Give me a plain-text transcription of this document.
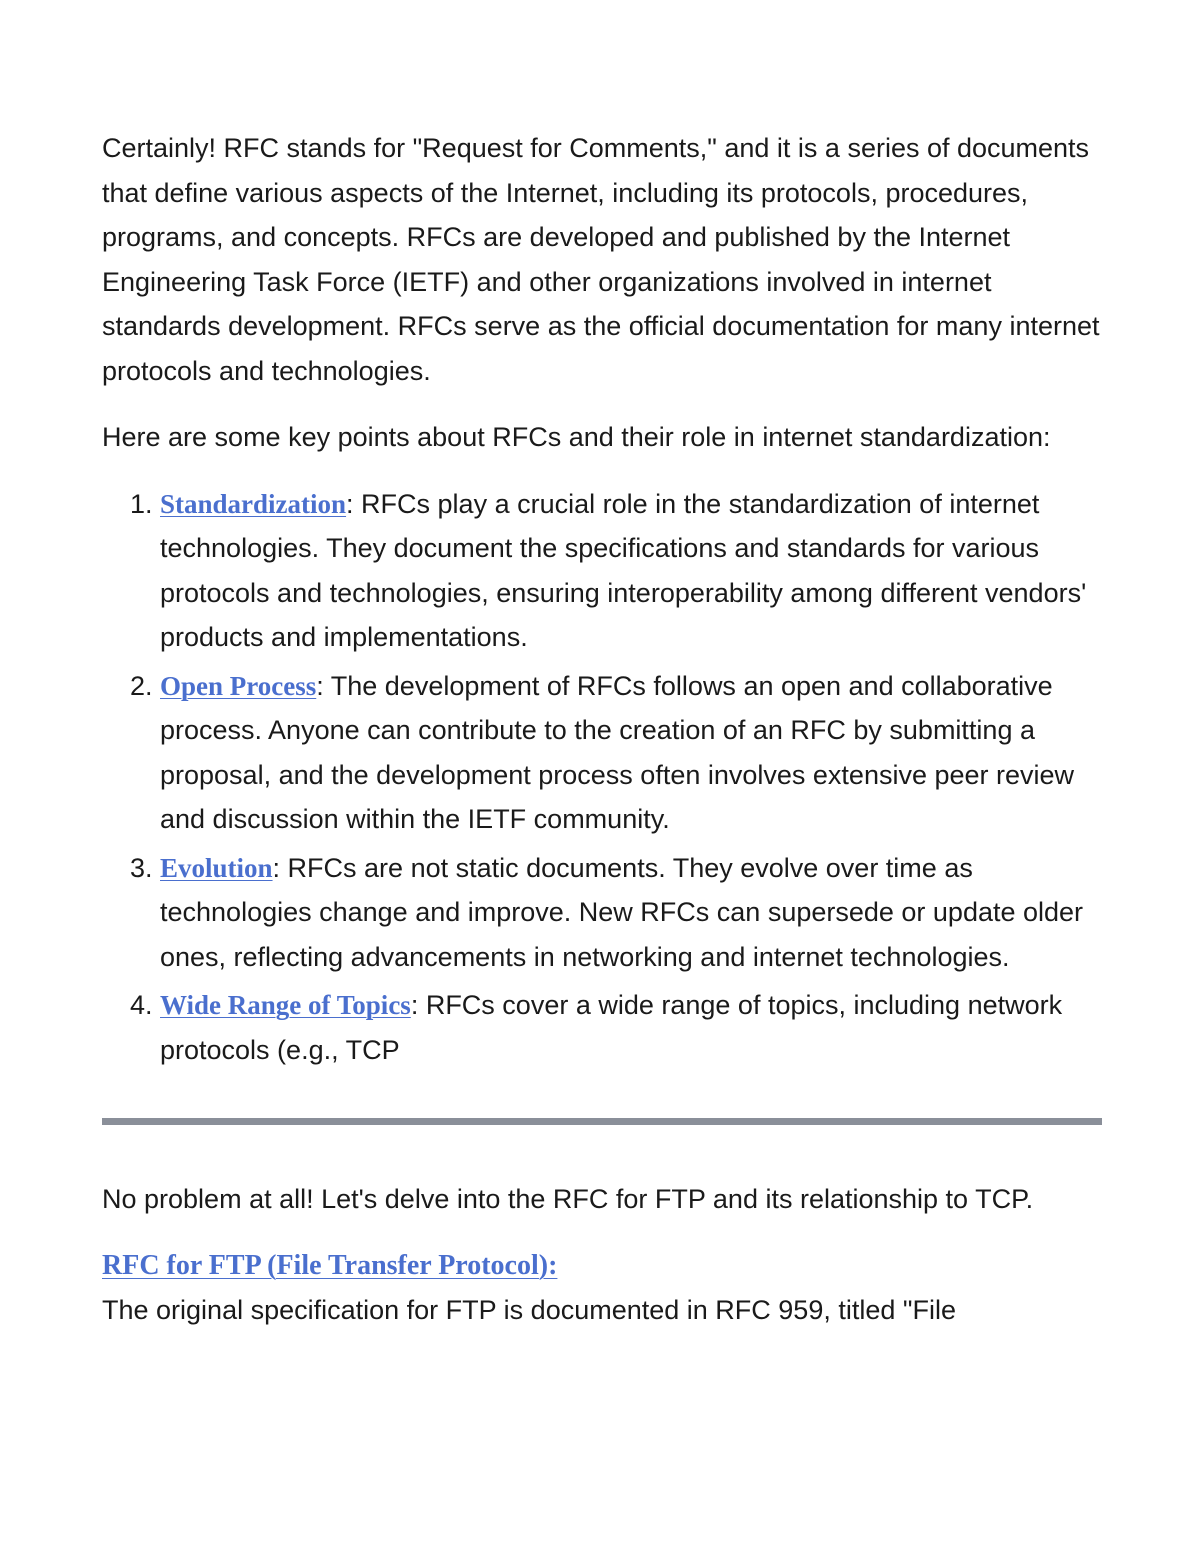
Certainly! RFC stands for "Request for Comments," and it is a series of documents that define various aspects of the Internet, including its protocols, procedures, programs, and concepts. RFCs are developed and published by the Internet Engineering Task Force (IETF) and other organizations involved in internet standards development. RFCs serve as the official documentation for many internet protocols and technologies.

Here are some key points about RFCs and their role in internet standardization:

1. Standardization: RFCs play a crucial role in the standardization of internet technologies. They document the specifications and standards for various protocols and technologies, ensuring interoperability among different vendors' products and implementations.
2. Open Process: The development of RFCs follows an open and collaborative process. Anyone can contribute to the creation of an RFC by submitting a proposal, and the development process often involves extensive peer review and discussion within the IETF community.
3. Evolution: RFCs are not static documents. They evolve over time as technologies change and improve. New RFCs can supersede or update older ones, reflecting advancements in networking and internet technologies.
4. Wide Range of Topics: RFCs cover a wide range of topics, including network protocols (e.g., TCP

No problem at all! Let's delve into the RFC for FTP and its relationship to TCP.

RFC for FTP (File Transfer Protocol):

The original specification for FTP is documented in RFC 959, titled "File
